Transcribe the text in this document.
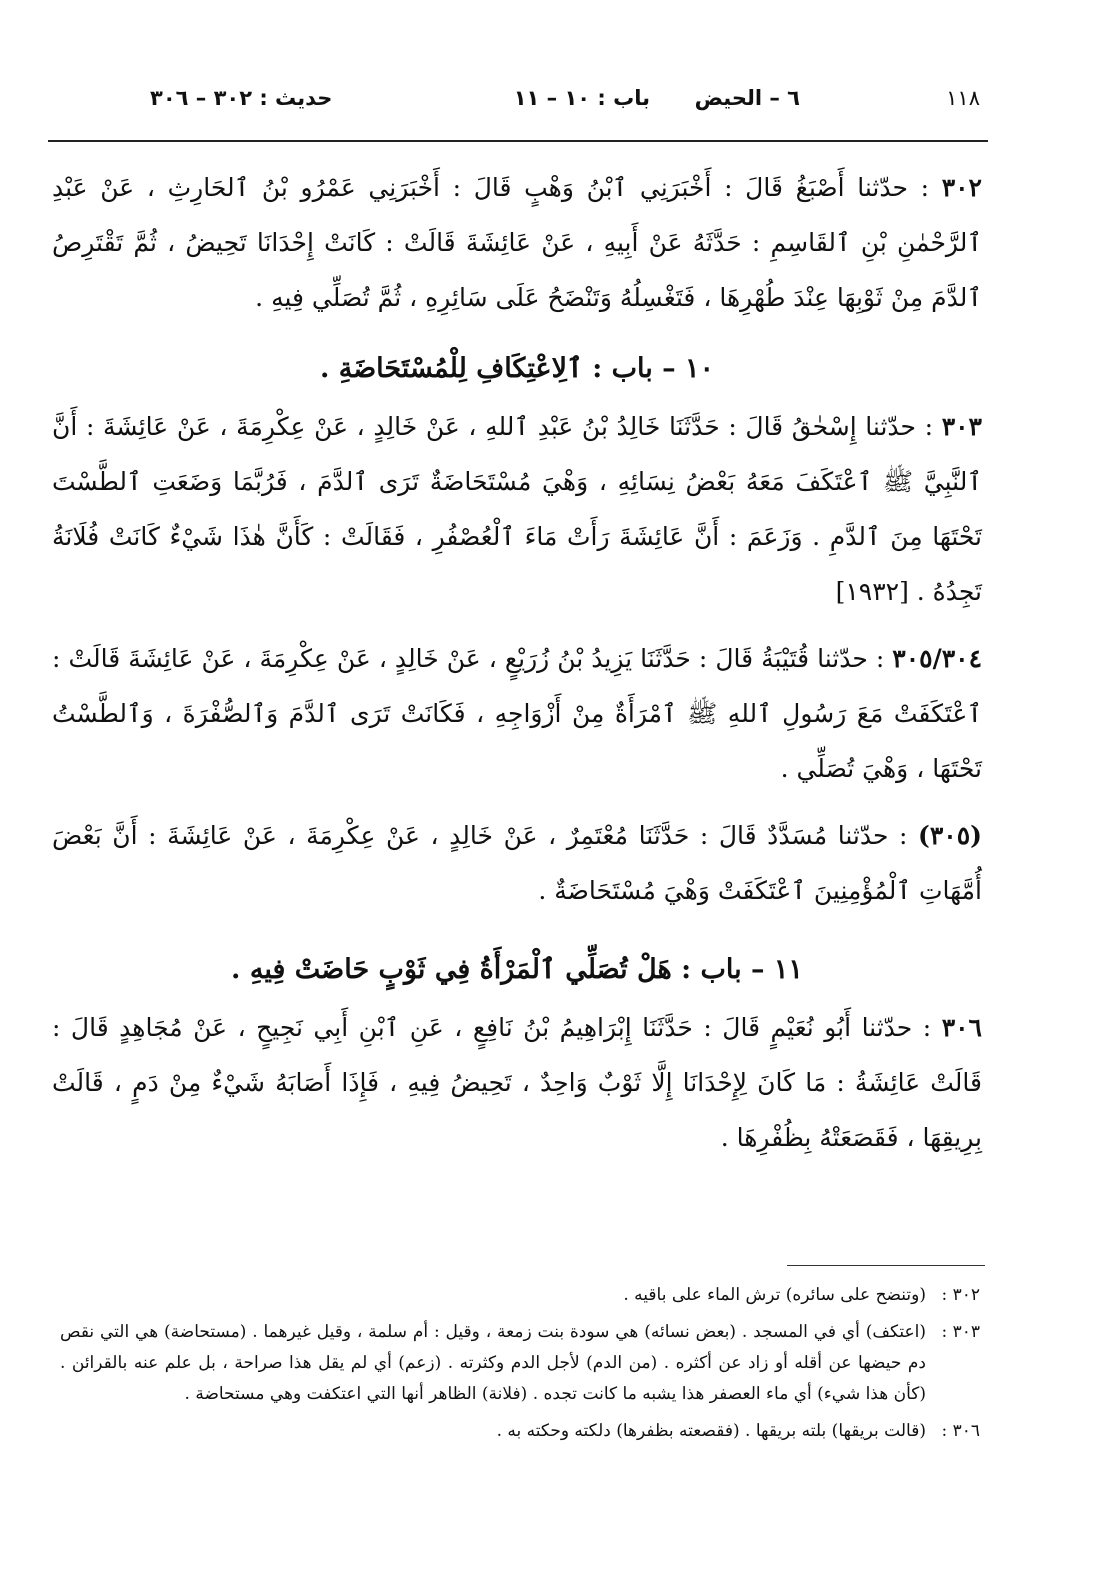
١١٨
٦ – الحيض
باب : ١٠ – ١١
حديث : ٣٠٢ – ٣٠٦

٣٠٢ : حدّثنا أَصْبَغُ قَالَ : أَخْبَرَنِي ٱبْنُ وَهْبٍ قَالَ : أَخْبَرَنِي عَمْرُو بْنُ ٱلحَارِثِ ، عَنْ عَبْدِ ٱلرَّحْمٰنِ بْنِ ٱلقَاسِمِ : حَدَّثَهُ عَنْ أَبِيهِ ، عَنْ عَائِشَةَ قَالَتْ : كَانَتْ إِحْدَانَا تَحِيضُ ، ثُمَّ تَقْتَرِصُ ٱلدَّمَ مِنْ ثَوْبِهَا عِنْدَ طُهْرِهَا ، فَتَغْسِلُهُ وَتَنْضَحُ عَلَى سَائِرِهِ ، ثُمَّ تُصَلِّي فِيهِ .

١٠ – باب : ٱلِاعْتِكَافِ لِلْمُسْتَحَاضَةِ .

٣٠٣ : حدّثنا إِسْحٰقُ قَالَ : حَدَّثَنَا خَالِدُ بْنُ عَبْدِ ٱللهِ ، عَنْ خَالِدٍ ، عَنْ عِكْرِمَةَ ، عَنْ عَائِشَةَ : أَنَّ ٱلنَّبِيَّ ﷺ ٱعْتَكَفَ مَعَهُ بَعْضُ نِسَائِهِ ، وَهْيَ مُسْتَحَاضَةٌ تَرَى ٱلدَّمَ ، فَرُبَّمَا وَضَعَتِ ٱلطَّسْتَ تَحْتَهَا مِنَ ٱلدَّمِ . وَزَعَمَ : أَنَّ عَائِشَةَ رَأَتْ مَاءَ ٱلْعُصْفُرِ ، فَقَالَتْ : كَأَنَّ هٰذَا شَيْءٌ كَانَتْ فُلَانَةُ تَجِدُهُ . [١٩٣٢]

٣٠٥/٣٠٤ : حدّثنا قُتَيْبَةُ قَالَ : حَدَّثَنَا يَزِيدُ بْنُ زُرَيْعٍ ، عَنْ خَالِدٍ ، عَنْ عِكْرِمَةَ ، عَنْ عَائِشَةَ قَالَتْ : ٱعْتَكَفَتْ مَعَ رَسُولِ ٱللهِ ﷺ ٱمْرَأَةٌ مِنْ أَزْوَاجِهِ ، فَكَانَتْ تَرَى ٱلدَّمَ وَٱلصُّفْرَةَ ، وَٱلطَّسْتُ تَحْتَهَا ، وَهْيَ تُصَلِّي .

(٣٠٥) : حدّثنا مُسَدَّدٌ قَالَ : حَدَّثَنَا مُعْتَمِرٌ ، عَنْ خَالِدٍ ، عَنْ عِكْرِمَةَ ، عَنْ عَائِشَةَ : أَنَّ بَعْضَ أُمَّهَاتِ ٱلْمُؤْمِنِينَ ٱعْتَكَفَتْ وَهْيَ مُسْتَحَاضَةٌ .

١١ – باب : هَلْ تُصَلِّي ٱلْمَرْأَةُ فِي ثَوْبٍ حَاضَتْ فِيهِ .

٣٠٦ : حدّثنا أَبُو نُعَيْمٍ قَالَ : حَدَّثَنَا إِبْرَاهِيمُ بْنُ نَافِعٍ ، عَنِ ٱبْنِ أَبِي نَجِيحٍ ، عَنْ مُجَاهِدٍ قَالَ : قَالَتْ عَائِشَةُ : مَا كَانَ لِإِحْدَانَا إِلَّا ثَوْبٌ وَاحِدٌ ، تَحِيضُ فِيهِ ، فَإِذَا أَصَابَهُ شَيْءٌ مِنْ دَمٍ ، قَالَتْ بِرِيقِهَا ، فَقَصَعَتْهُ بِظُفْرِهَا .

٣٠٢ :
(وتنضح على سائره) ترش الماء على باقيه .
٣٠٣ :
(اعتكف) أي في المسجد . (بعض نسائه) هي سودة بنت زمعة ، وقيل : أم سلمة ، وقيل غيرهما . (مستحاضة) هي التي نقص دم حيضها عن أقله أو زاد عن أكثره . (من الدم) لأجل الدم وكثرته . (زعم) أي لم يقل هذا صراحة ، بل علم عنه بالقرائن . (كأن هذا شيء) أي ماء العصفر هذا يشبه ما كانت تجده . (فلانة) الظاهر أنها التي اعتكفت وهي مستحاضة .
٣٠٦ :
(قالت بريقها) بلته بريقها . (فقصعته بظفرها) دلكته وحكته به .
